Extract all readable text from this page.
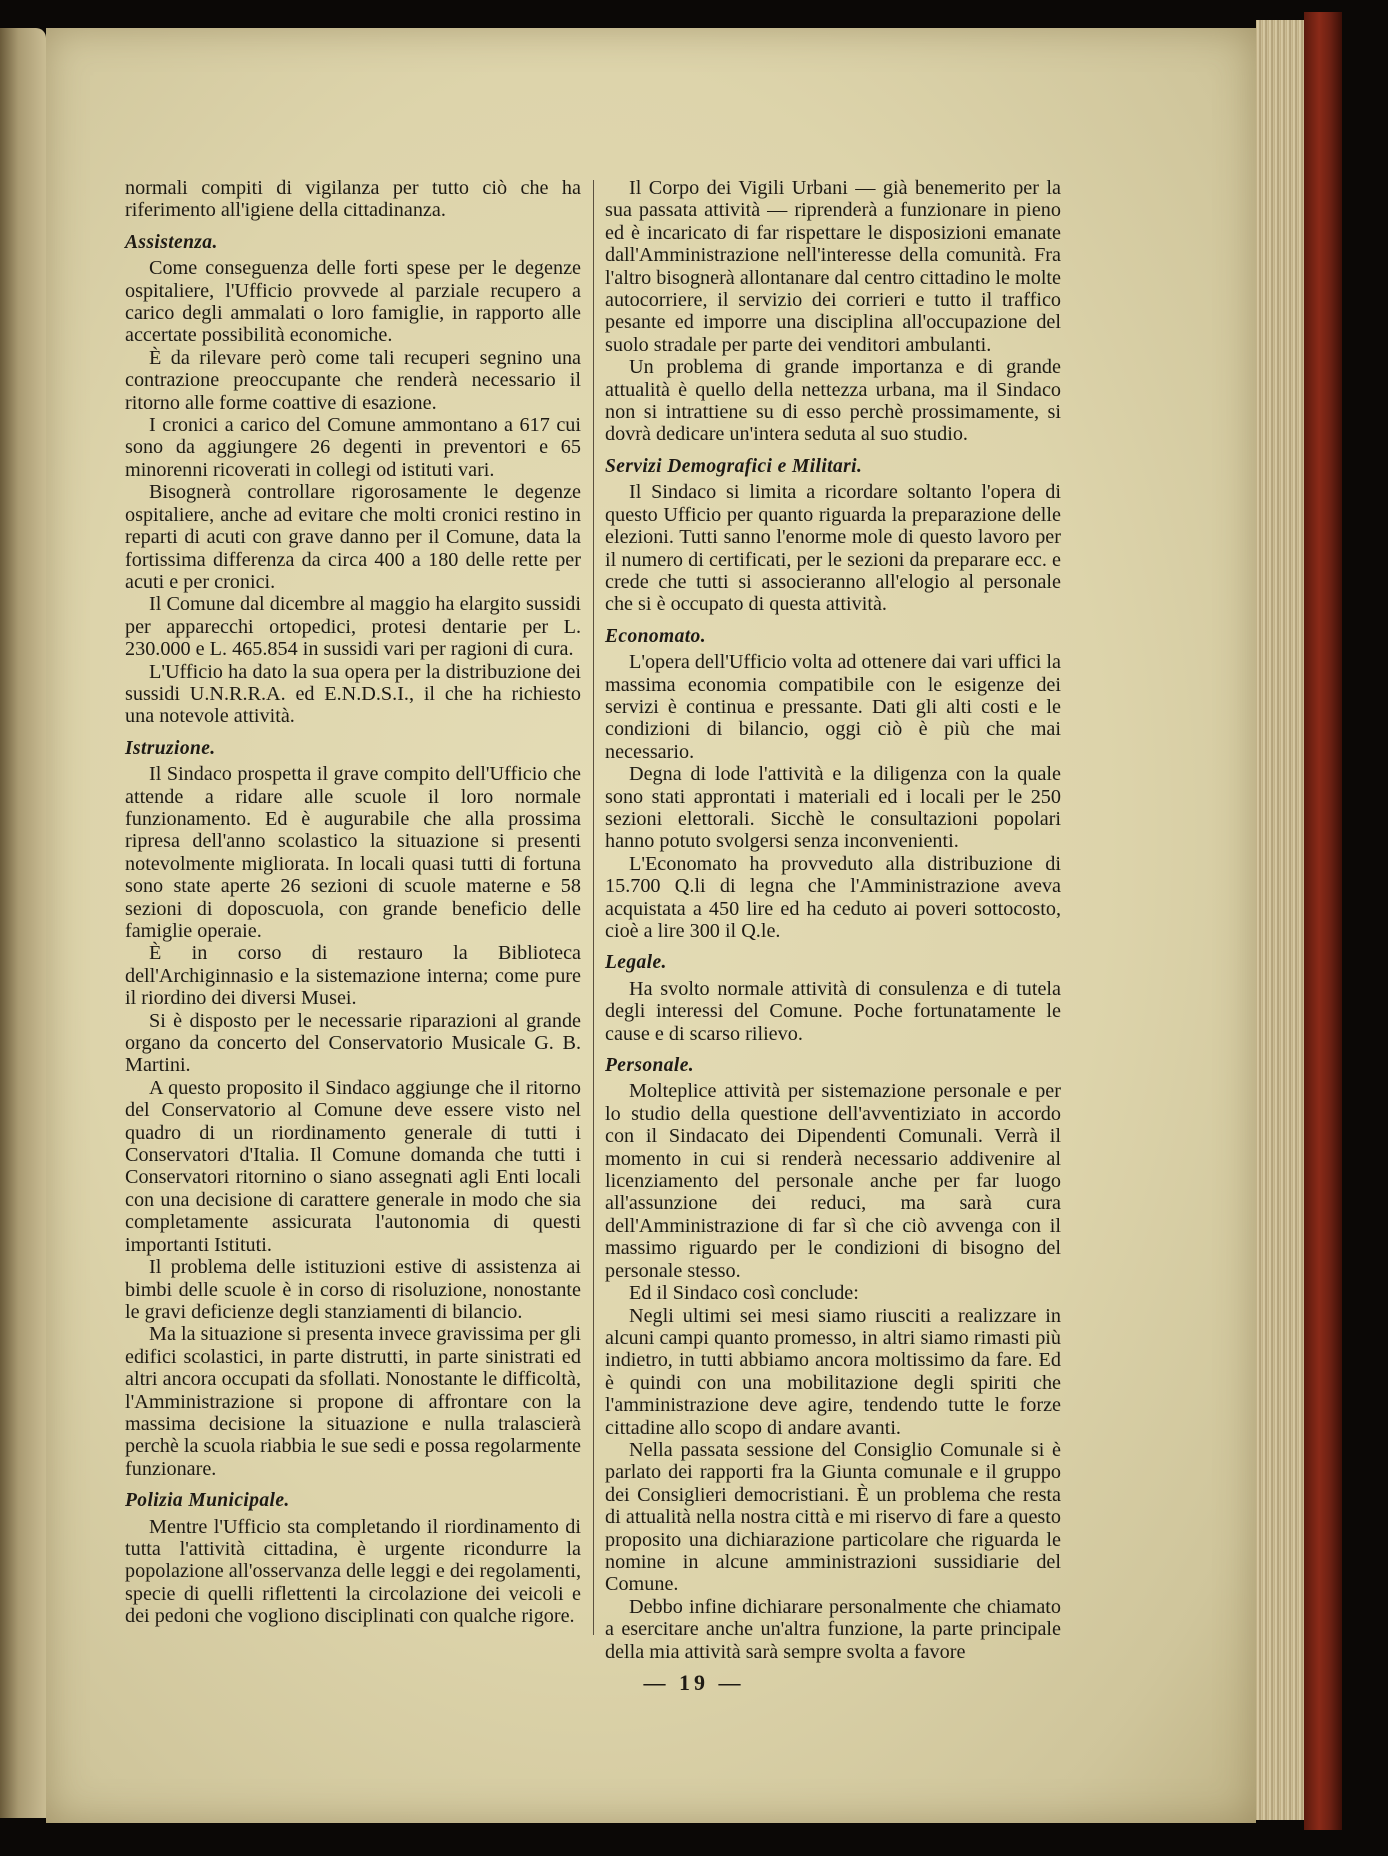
normali compiti di vigilanza per tutto ciò che ha riferimento all'igiene della cittadinanza.

Assistenza.

Come conseguenza delle forti spese per le degenze ospitaliere, l'Ufficio provvede al parziale recupero a carico degli ammalati o loro famiglie, in rapporto alle accertate possibilità economiche.

È da rilevare però come tali recuperi segnino una contrazione preoccupante che renderà necessario il ritorno alle forme coattive di esazione.

I cronici a carico del Comune ammontano a 617 cui sono da aggiungere 26 degenti in preventori e 65 minorenni ricoverati in collegi od istituti vari.

Bisognerà controllare rigorosamente le degenze ospitaliere, anche ad evitare che molti cronici restino in reparti di acuti con grave danno per il Comune, data la fortissima differenza da circa 400 a 180 delle rette per acuti e per cronici.

Il Comune dal dicembre al maggio ha elargito sussidi per apparecchi ortopedici, protesi dentarie per L. 230.000 e L. 465.854 in sussidi vari per ragioni di cura.

L'Ufficio ha dato la sua opera per la distribuzione dei sussidi U.N.R.R.A. ed E.N.D.S.I., il che ha richiesto una notevole attività.

Istruzione.

Il Sindaco prospetta il grave compito dell'Ufficio che attende a ridare alle scuole il loro normale funzionamento. Ed è augurabile che alla prossima ripresa dell'anno scolastico la situazione si presenti notevolmente migliorata. In locali quasi tutti di fortuna sono state aperte 26 sezioni di scuole materne e 58 sezioni di doposcuola, con grande beneficio delle famiglie operaie.

È in corso di restauro la Biblioteca dell'Archiginnasio e la sistemazione interna; come pure il riordino dei diversi Musei.

Si è disposto per le necessarie riparazioni al grande organo da concerto del Conservatorio Musicale G. B. Martini.

A questo proposito il Sindaco aggiunge che il ritorno del Conservatorio al Comune deve essere visto nel quadro di un riordinamento generale di tutti i Conservatori d'Italia. Il Comune domanda che tutti i Conservatori ritornino o siano assegnati agli Enti locali con una decisione di carattere generale in modo che sia completamente assicurata l'autonomia di questi importanti Istituti.

Il problema delle istituzioni estive di assistenza ai bimbi delle scuole è in corso di risoluzione, nonostante le gravi deficienze degli stanziamenti di bilancio.

Ma la situazione si presenta invece gravissima per gli edifici scolastici, in parte distrutti, in parte sinistrati ed altri ancora occupati da sfollati. Nonostante le difficoltà, l'Amministrazione si propone di affrontare con la massima decisione la situazione e nulla tralascierà perchè la scuola riabbia le sue sedi e possa regolarmente funzionare.

Polizia Municipale.

Mentre l'Ufficio sta completando il riordinamento di tutta l'attività cittadina, è urgente ricondurre la popolazione all'osservanza delle leggi e dei regolamenti, specie di quelli riflettenti la circolazione dei veicoli e dei pedoni che vogliono disciplinati con qualche rigore.

Il Corpo dei Vigili Urbani — già benemerito per la sua passata attività — riprenderà a funzionare in pieno ed è incaricato di far rispettare le disposizioni emanate dall'Amministrazione nell'interesse della comunità. Fra l'altro bisognerà allontanare dal centro cittadino le molte autocorriere, il servizio dei corrieri e tutto il traffico pesante ed imporre una disciplina all'occupazione del suolo stradale per parte dei venditori ambulanti.

Un problema di grande importanza e di grande attualità è quello della nettezza urbana, ma il Sindaco non si intrattiene su di esso perchè prossimamente, si dovrà dedicare un'intera seduta al suo studio.

Servizi Demografici e Militari.

Il Sindaco si limita a ricordare soltanto l'opera di questo Ufficio per quanto riguarda la preparazione delle elezioni. Tutti sanno l'enorme mole di questo lavoro per il numero di certificati, per le sezioni da preparare ecc. e crede che tutti si associeranno all'elogio al personale che si è occupato di questa attività.

Economato.

L'opera dell'Ufficio volta ad ottenere dai vari uffici la massima economia compatibile con le esigenze dei servizi è continua e pressante. Dati gli alti costi e le condizioni di bilancio, oggi ciò è più che mai necessario.

Degna di lode l'attività e la diligenza con la quale sono stati approntati i materiali ed i locali per le 250 sezioni elettorali. Sicchè le consultazioni popolari hanno potuto svolgersi senza inconvenienti.

L'Economato ha provveduto alla distribuzione di 15.700 Q.li di legna che l'Amministrazione aveva acquistata a 450 lire ed ha ceduto ai poveri sottocosto, cioè a lire 300 il Q.le.

Legale.

Ha svolto normale attività di consulenza e di tutela degli interessi del Comune. Poche fortunatamente le cause e di scarso rilievo.

Personale.

Molteplice attività per sistemazione personale e per lo studio della questione dell'avventiziato in accordo con il Sindacato dei Dipendenti Comunali. Verrà il momento in cui si renderà necessario addivenire al licenziamento del personale anche per far luogo all'assunzione dei reduci, ma sarà cura dell'Amministrazione di far sì che ciò avvenga con il massimo riguardo per le condizioni di bisogno del personale stesso.

Ed il Sindaco così conclude:

Negli ultimi sei mesi siamo riusciti a realizzare in alcuni campi quanto promesso, in altri siamo rimasti più indietro, in tutti abbiamo ancora moltissimo da fare. Ed è quindi con una mobilitazione degli spiriti che l'amministrazione deve agire, tendendo tutte le forze cittadine allo scopo di andare avanti.

Nella passata sessione del Consiglio Comunale si è parlato dei rapporti fra la Giunta comunale e il gruppo dei Consiglieri democristiani. È un problema che resta di attualità nella nostra città e mi riservo di fare a questo proposito una dichiarazione particolare che riguarda le nomine in alcune amministrazioni sussidiarie del Comune.

Debbo infine dichiarare personalmente che chiamato a esercitare anche un'altra funzione, la parte principale della mia attività sarà sempre svolta a favore

— 19 —
